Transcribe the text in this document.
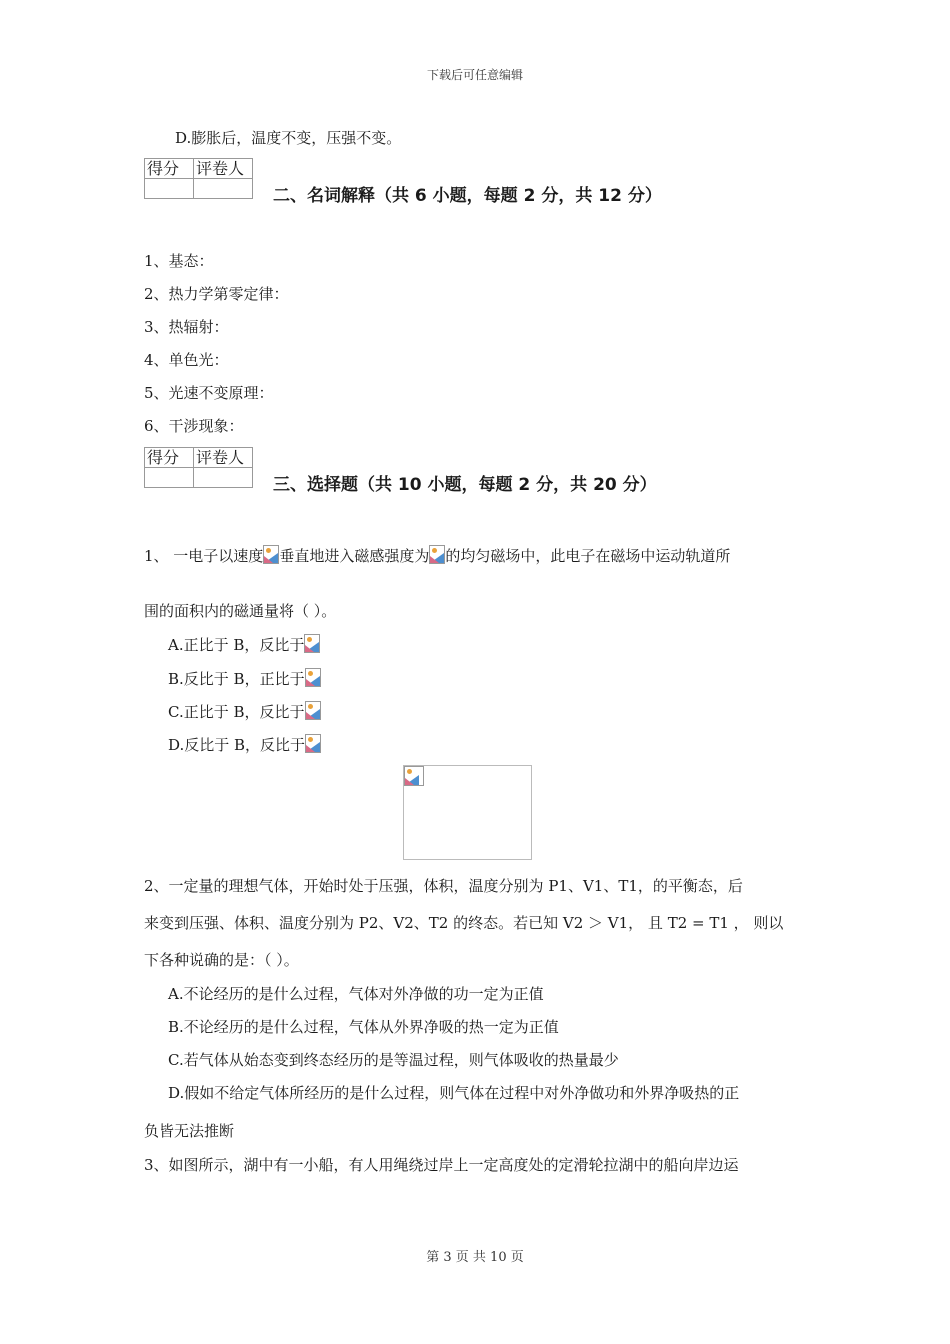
下载后可任意编辑
D.膨胀后，温度不变，压强不变。
得分	评卷人

二、名词解释（共 6 小题，每题 2 分，共 12 分）
1、基态：
2、热力学第零定律：
3、热辐射：
4、单色光：
5、光速不变原理：
6、干涉现象：
得分	评卷人

三、选择题（共 10 小题，每题 2 分，共 20 分）
1、 一电子以速度 垂直地进入磁感强度为 的均匀磁场中，此电子在磁场中运动轨道所
围的面积内的磁通量将（ ）。
A.正比于 B，反比于
B.反比于 B，正比于
C.正比于 B，反比于
D.反比于 B，反比于
2、一定量的理想气体，开始时处于压强，体积，温度分别为 P1、V1、T1，的平衡态，后
来变到压强、体积、温度分别为 P2、V2、T2 的终态。若已知 V2 ＞ V1， 且 T2 = T1 ， 则以
下各种说确的是：（ ）。
A.不论经历的是什么过程，气体对外净做的功一定为正值
B.不论经历的是什么过程，气体从外界净吸的热一定为正值
C.若气体从始态变到终态经历的是等温过程，则气体吸收的热量最少
D.假如不给定气体所经历的是什么过程，则气体在过程中对外净做功和外界净吸热的正
负皆无法推断
3、如图所示，湖中有一小船，有人用绳绕过岸上一定高度处的定滑轮拉湖中的船向岸边运
第 3 页 共 10 页
